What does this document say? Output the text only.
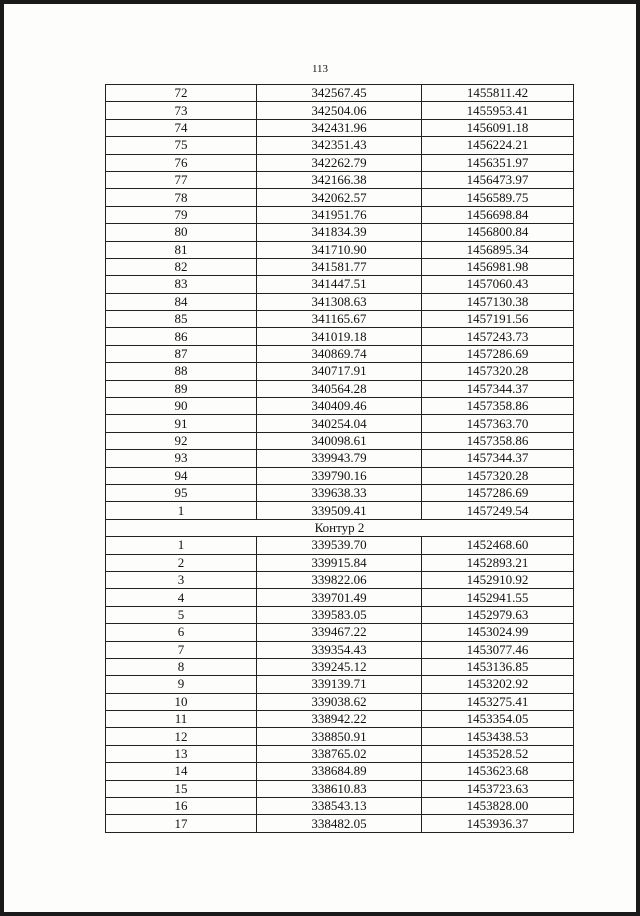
113
72	342567.45	1455811.42
73	342504.06	1455953.41
74	342431.96	1456091.18
75	342351.43	1456224.21
76	342262.79	1456351.97
77	342166.38	1456473.97
78	342062.57	1456589.75
79	341951.76	1456698.84
80	341834.39	1456800.84
81	341710.90	1456895.34
82	341581.77	1456981.98
83	341447.51	1457060.43
84	341308.63	1457130.38
85	341165.67	1457191.56
86	341019.18	1457243.73
87	340869.74	1457286.69
88	340717.91	1457320.28
89	340564.28	1457344.37
90	340409.46	1457358.86
91	340254.04	1457363.70
92	340098.61	1457358.86
93	339943.79	1457344.37
94	339790.16	1457320.28
95	339638.33	1457286.69
1	339509.41	1457249.54
Контур 2		
1	339539.70	1452468.60
2	339915.84	1452893.21
3	339822.06	1452910.92
4	339701.49	1452941.55
5	339583.05	1452979.63
6	339467.22	1453024.99
7	339354.43	1453077.46
8	339245.12	1453136.85
9	339139.71	1453202.92
10	339038.62	1453275.41
11	338942.22	1453354.05
12	338850.91	1453438.53
13	338765.02	1453528.52
14	338684.89	1453623.68
15	338610.83	1453723.63
16	338543.13	1453828.00
17	338482.05	1453936.37
